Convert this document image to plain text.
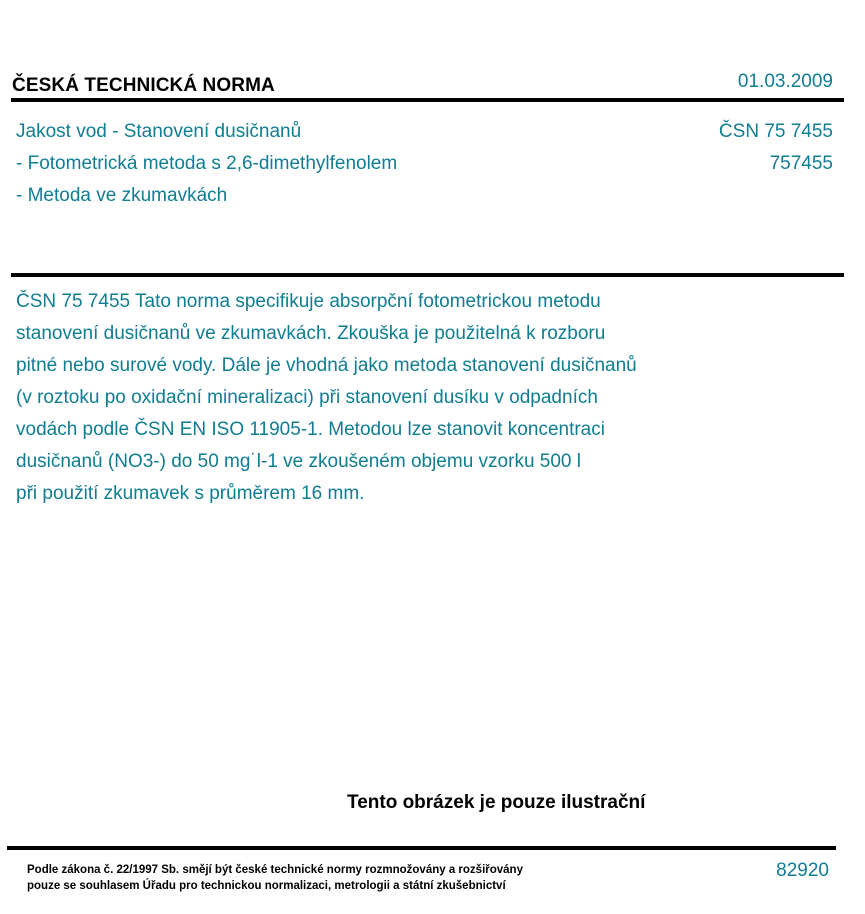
ČESKÁ TECHNICKÁ NORMA	01.03.2009
Jakost vod - Stanovení dusičnanů
- Fotometrická metoda s 2,6-dimethylfenolem
- Metoda ve zkumavkách
ČSN 75 7455
757455
ČSN 75 7455 Tato norma specifikuje absorpční fotometrickou metodu
stanovení dusičnanů ve zkumavkách. Zkouška je použitelná k rozboru
pitné nebo surové vody. Dále je vhodná jako metoda stanovení dusičnanů
(v roztoku po oxidační mineralizaci) při stanovení dusíku v odpadních
vodách podle ČSN EN ISO 11905-1. Metodou lze stanovit koncentraci
dusičnanů (NO3-) do 50 mg˙l-1 ve zkoušeném objemu vzorku 500 l
při použití zkumavek s průměrem 16 mm.
Tento obrázek je pouze ilustrační
Podle zákona č. 22/1997 Sb. smějí být české technické normy rozmnožovány a rozšiřovány
pouze se souhlasem Úřadu pro technickou normalizaci, metrologii a státní zkušebnictví
82920
